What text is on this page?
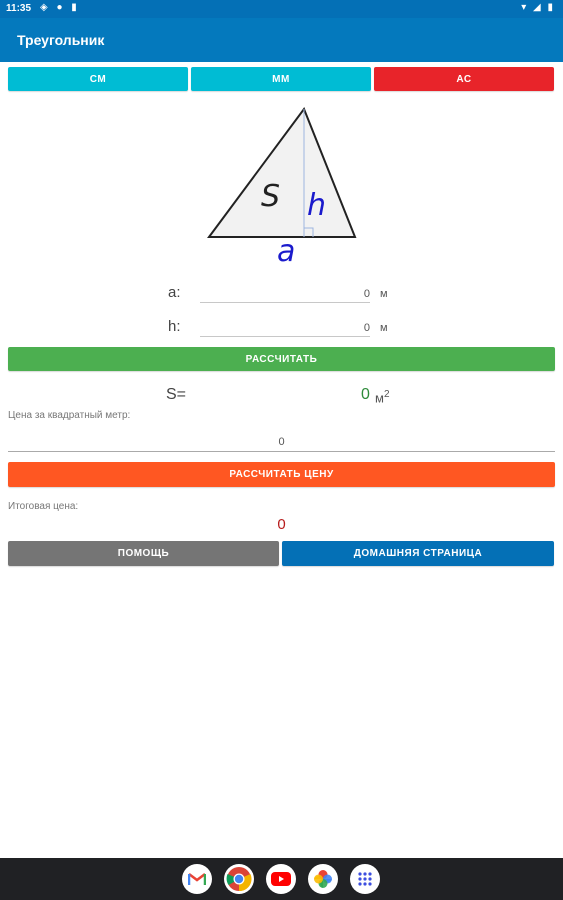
11:35 ◈ ● ▮	▾ ◢ ▮
Треугольник
СМ	ММ	АС
S h
a
a:	0 м
h:	0 м
РАССЧИТАТЬ
S=	0 $м^2$
Цена за квадратный метр:
0
РАССЧИТАТЬ ЦЕНУ
Итоговая цена:
0
ПОМОЩЬ	ДОМАШНЯЯ СТРАНИЦА
